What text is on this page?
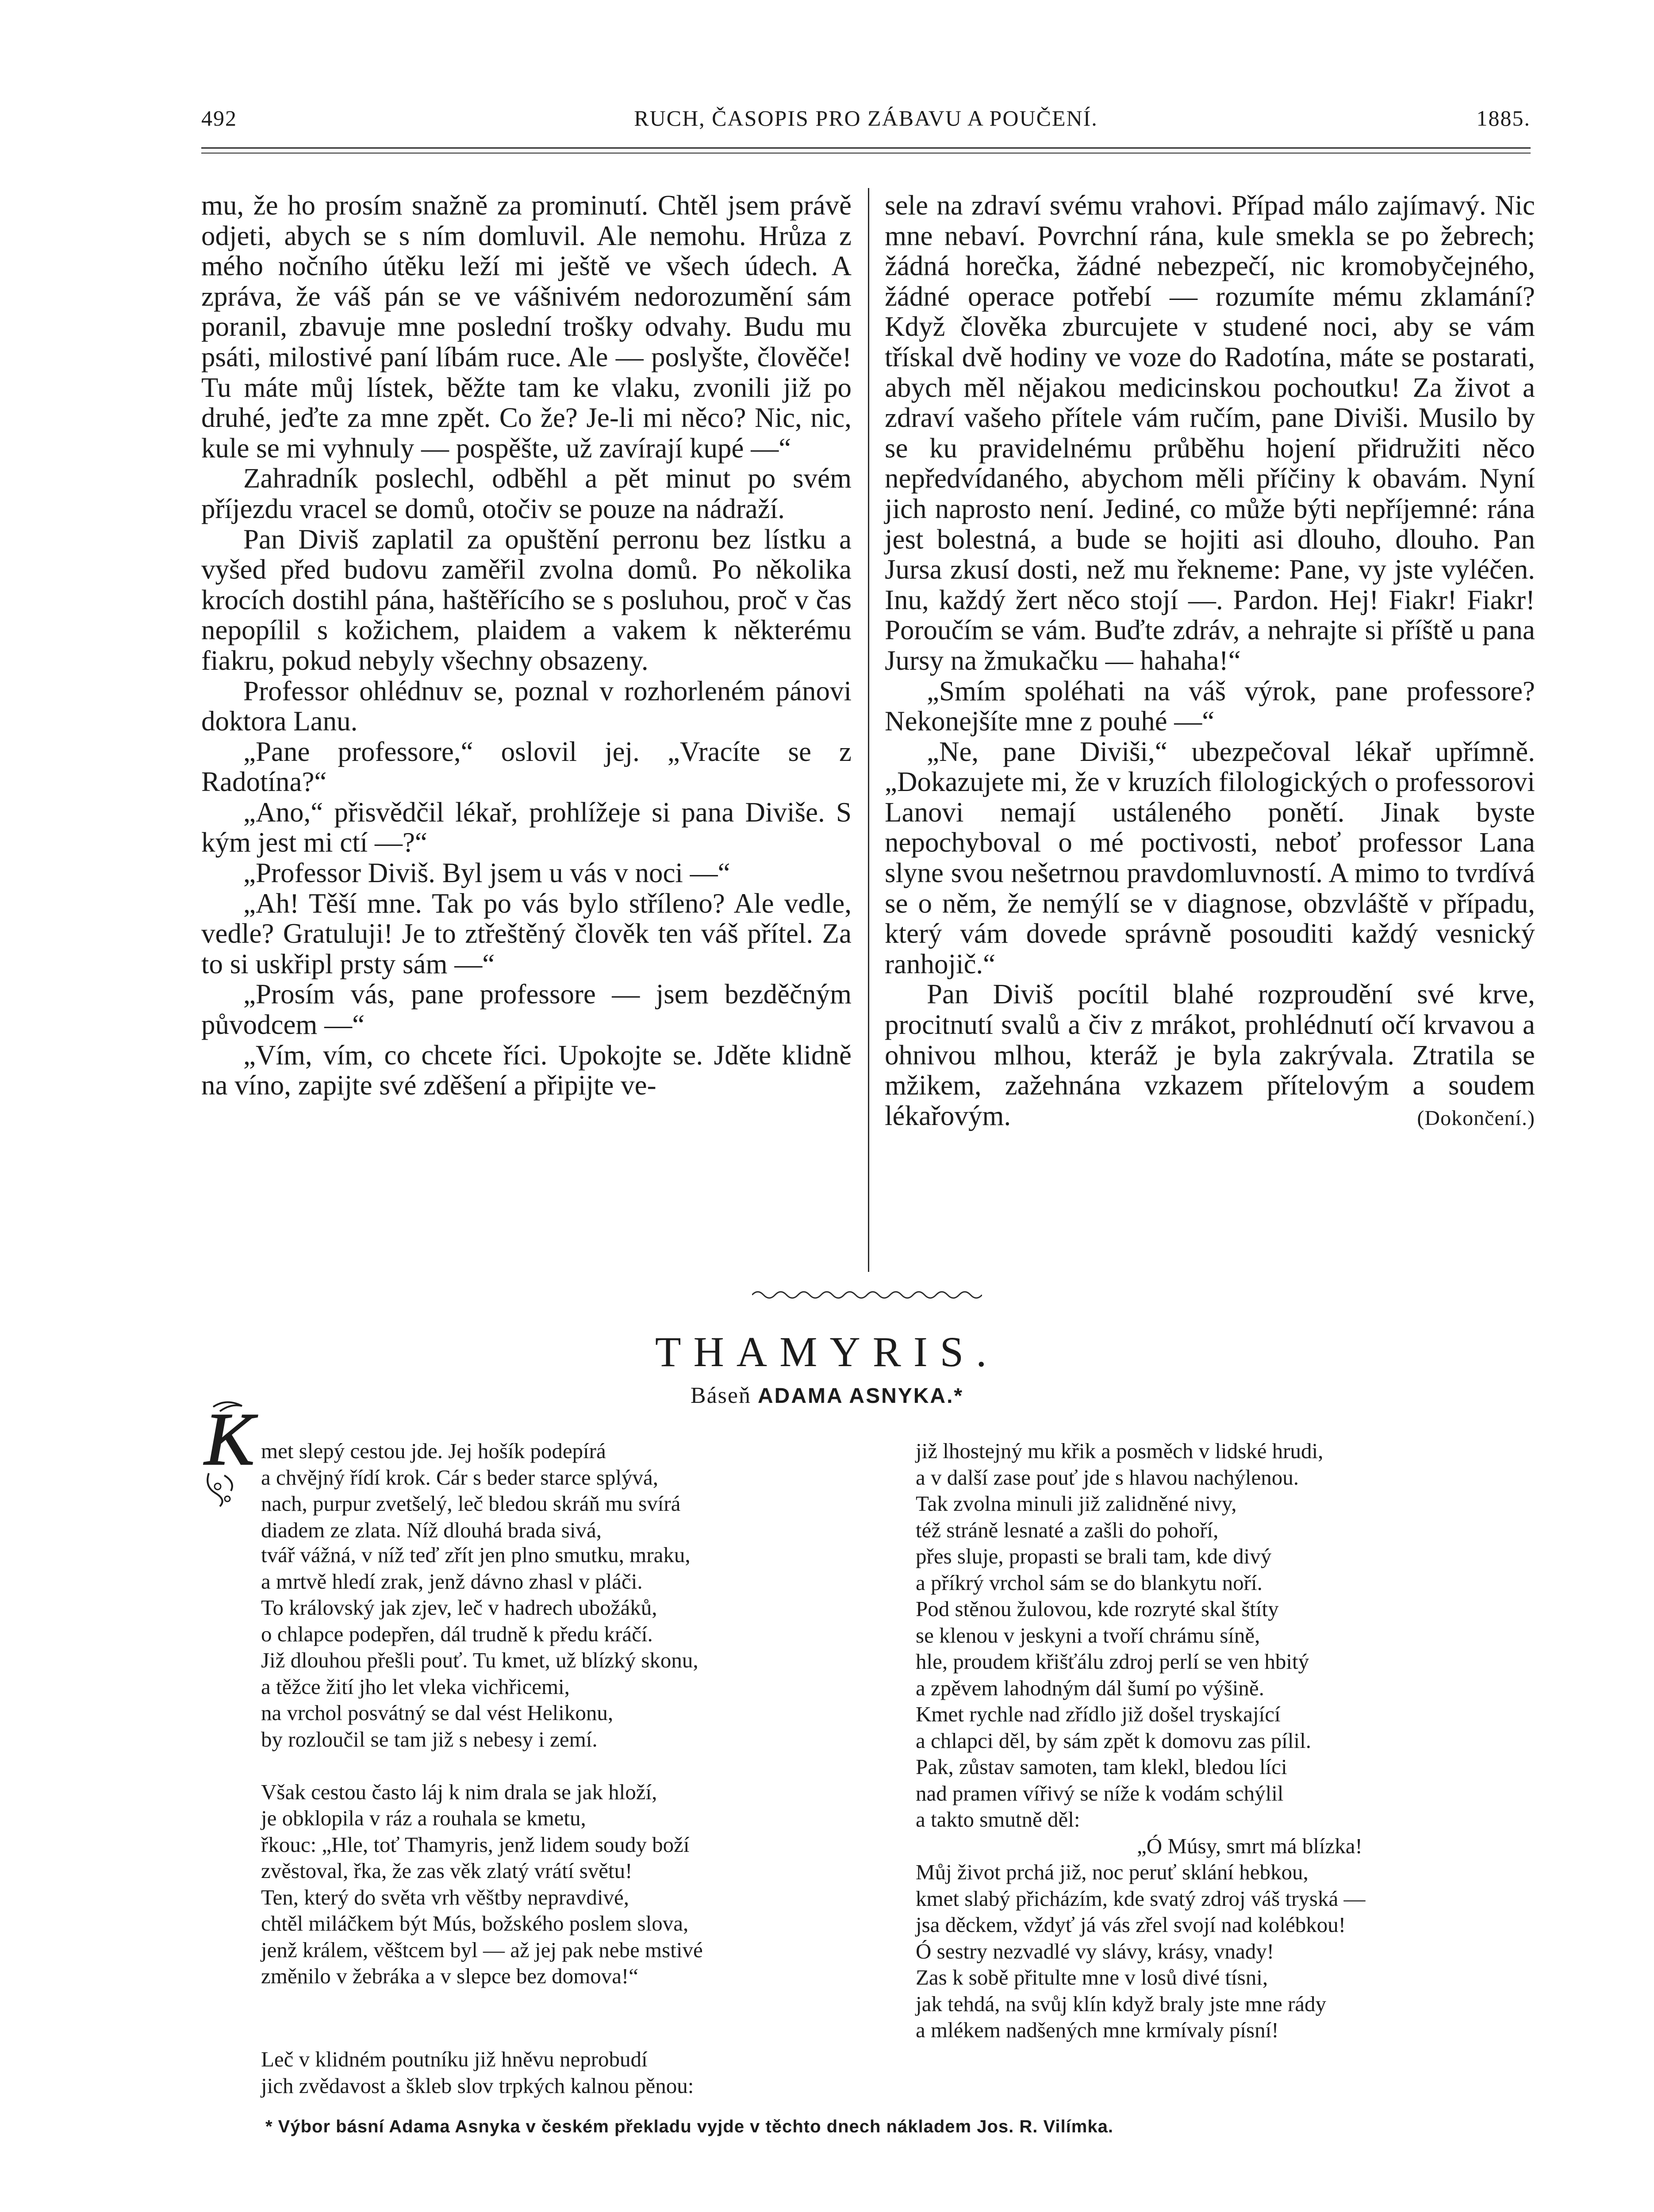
492	RUCH, ČASOPIS PRO ZÁBAVU A POUČENÍ.	1885.

mu, že ho prosím snažně za prominutí. Chtěl jsem právě odjeti, abych se s ním domluvil. Ale nemohu. Hrůza z mého nočního útěku leží mi ještě ve všech údech. A zpráva, že váš pán se ve vášnivém nedorozumění sám poranil, zbavuje mne poslední trošky odvahy. Budu mu psáti, milostivé paní líbám ruce. Ale — poslyšte, člověče! Tu máte můj lístek, běžte tam ke vlaku, zvonili již po druhé, jeďte za mne zpět. Co že? Je-li mi něco? Nic, nic, kule se mi vyhnuly — pospěšte, už zavírají kupé —“

Zahradník poslechl, odběhl a pět minut po svém příjezdu vracel se domů, otočiv se pouze na nádraží.

Pan Diviš zaplatil za opuštění perronu bez lístku a vyšed před budovu zaměřil zvolna domů. Po několika krocích dostihl pána, haštěřícího se s posluhou, proč v čas nepopílil s kožichem, plaidem a vakem k některému fiakru, pokud nebyly všechny obsazeny.

Professor ohlédnuv se, poznal v rozhorleném pánovi doktora Lanu.

„Pane professore,“ oslovil jej. „Vracíte se z Radotína?“

„Ano,“ přisvědčil lékař, prohlížeje si pana Diviše. S kým jest mi ctí —?“

„Professor Diviš. Byl jsem u vás v noci —“

„Ah! Těší mne. Tak po vás bylo stříleno? Ale vedle, vedle? Gratuluji! Je to ztřeštěný člověk ten váš přítel. Za to si uskřipl prsty sám —“

„Prosím vás, pane professore — jsem bezděčným původcem —“

„Vím, vím, co chcete říci. Upokojte se. Jděte klidně na víno, zapijte své zděšení a připijte ve-

sele na zdraví svému vrahovi. Případ málo zajímavý. Nic mne nebaví. Povrchní rána, kule smekla se po žebrech; žádná horečka, žádné nebezpečí, nic kromobyčejného, žádné operace potřebí — rozumíte mému zklamání? Když člověka zburcujete v studené noci, aby se vám třískal dvě hodiny ve voze do Radotína, máte se postarati, abych měl nějakou medicinskou pochoutku! Za život a zdraví vašeho přítele vám ručím, pane Diviši. Musilo by se ku pravidelnému průběhu hojení přidružiti něco nepředvídaného, abychom měli příčiny k obavám. Nyní jich naprosto není. Jediné, co může býti nepříjemné: rána jest bolestná, a bude se hojiti asi dlouho, dlouho. Pan Jursa zkusí dosti, než mu řekneme: Pane, vy jste vyléčen. Inu, každý žert něco stojí —. Pardon. Hej! Fiakr! Fiakr! Poroučím se vám. Buďte zdráv, a nehrajte si příště u pana Jursy na žmukačku — hahaha!“

„Smím spoléhati na váš výrok, pane professore? Nekonejšíte mne z pouhé —“

„Ne, pane Diviši,“ ubezpečoval lékař upřímně. „Dokazujete mi, že v kruzích filologických o professorovi Lanovi nemají ustáleného ponětí. Jinak byste nepochyboval o mé poctivosti, neboť professor Lana slyne svou nešetrnou pravdomluvností. A mimo to tvrdívá se o něm, že nemýlí se v diagnose, obzvláště v případu, který vám dovede správně posouditi každý vesnický ranhojič.“

Pan Diviš pocítil blahé rozproudění své krve, procitnutí svalů a čiv z mrákot, prohlédnutí očí krvavou a ohnivou mlhou, kteráž je byla zakrývala. Ztratila se mžikem, zažehnána vzkazem přítelovým a soudem lékařovým.	(Dokončení.)

THAMYRIS.
Báseň ADAMA ASNYKA.*
K met slepý cestou jde. Jej hošík podepírá
a chvějný řídí krok. Cár s beder starce splývá,
nach, purpur zvetšelý, leč bledou skráň mu svírá
diadem ze zlata. Níž dlouhá brada sivá,
tvář vážná, v níž teď zřít jen plno smutku, mraku,
a mrtvě hledí zrak, jenž dávno zhasl v pláči.
To královský jak zjev, leč v hadrech ubožáků,
o chlapce podepřen, dál trudně k předu kráčí.
Již dlouhou přešli pouť. Tu kmet, už blízký skonu,
a těžce žití jho let vleka vichřicemi,
na vrchol posvátný se dal vést Helikonu,
by rozloučil se tam již s nebesy i zemí.
Však cestou často láj k nim drala se jak hloží,
je obklopila v ráz a rouhala se kmetu,
řkouc: „Hle, toť Thamyris, jenž lidem soudy boží
zvěstoval, řka, že zas věk zlatý vrátí světu!
Ten, který do světa vrh věštby nepravdivé,
chtěl miláčkem být Mús, božského poslem slova,
jenž králem, věštcem byl — až jej pak nebe mstivé
změnilo v žebráka a v slepce bez domova!“
Leč v klidném poutníku již hněvu neprobudí
jich zvědavost a škleb slov trpkých kalnou pěnou:
již lhostejný mu křik a posměch v lidské hrudi,
a v další zase pouť jde s hlavou nachýlenou.
Tak zvolna minuli již zalidněné nivy,
též stráně lesnaté a zašli do pohoří,
přes sluje, propasti se brali tam, kde divý
a příkrý vrchol sám se do blankytu noří.
Pod stěnou žulovou, kde rozryté skal štíty
se klenou v jeskyni a tvoří chrámu síně,
hle, proudem křišťálu zdroj perlí se ven hbitý
a zpěvem lahodným dál šumí po výšině.
Kmet rychle nad zřídlo již došel tryskající
a chlapci děl, by sám zpět k domovu zas pílil.
Pak, zůstav samoten, tam klekl, bledou líci
nad pramen vířivý se níže k vodám schýlil
a takto smutně děl:
„Ó Músy, smrt má blízka!
Můj život prchá již, noc peruť sklání hebkou,
kmet slabý přicházím, kde svatý zdroj váš tryská —
jsa děckem, vždyť já vás zřel svojí nad kolébkou!
Ó sestry nezvadlé vy slávy, krásy, vnady!
Zas k sobě přitulte mne v losů divé tísni,
jak tehdá, na svůj klín když braly jste mne rády
a mlékem nadšených mne krmívaly písní!
* Výbor básní Adama Asnyka v českém překladu vyjde v těchto dnech nákladem Jos. R. Vilímka.
